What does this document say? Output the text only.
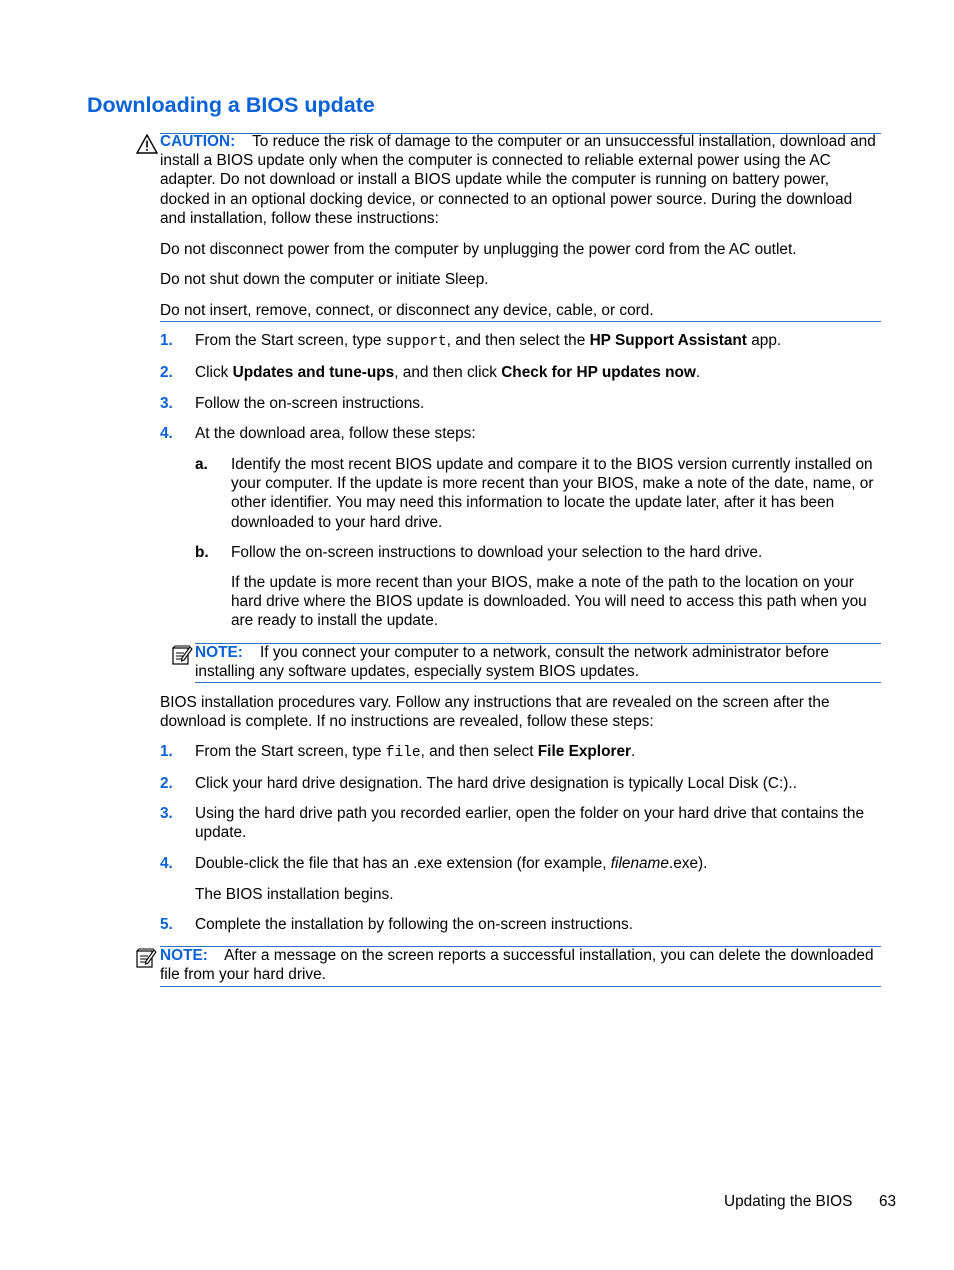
Downloading a BIOS update
CAUTION: To reduce the risk of damage to the computer or an unsuccessful installation, download and install a BIOS update only when the computer is connected to reliable external power using the AC adapter. Do not download or install a BIOS update while the computer is running on battery power, docked in an optional docking device, or connected to an optional power source. During the download and installation, follow these instructions:
Do not disconnect power from the computer by unplugging the power cord from the AC outlet.
Do not shut down the computer or initiate Sleep.
Do not insert, remove, connect, or disconnect any device, cable, or cord.
1. From the Start screen, type support, and then select the HP Support Assistant app.
2. Click Updates and tune-ups, and then click Check for HP updates now.
3. Follow the on-screen instructions.
4. At the download area, follow these steps:
a. Identify the most recent BIOS update and compare it to the BIOS version currently installed on your computer. If the update is more recent than your BIOS, make a note of the date, name, or other identifier. You may need this information to locate the update later, after it has been downloaded to your hard drive.
b. Follow the on-screen instructions to download your selection to the hard drive.
If the update is more recent than your BIOS, make a note of the path to the location on your hard drive where the BIOS update is downloaded. You will need to access this path when you are ready to install the update.
NOTE: If you connect your computer to a network, consult the network administrator before installing any software updates, especially system BIOS updates.
BIOS installation procedures vary. Follow any instructions that are revealed on the screen after the download is complete. If no instructions are revealed, follow these steps:
1. From the Start screen, type file, and then select File Explorer.
2. Click your hard drive designation. The hard drive designation is typically Local Disk (C:)..
3. Using the hard drive path you recorded earlier, open the folder on your hard drive that contains the update.
4. Double-click the file that has an .exe extension (for example, filename.exe).
The BIOS installation begins.
5. Complete the installation by following the on-screen instructions.
NOTE: After a message on the screen reports a successful installation, you can delete the downloaded file from your hard drive.
Updating the BIOS 63
